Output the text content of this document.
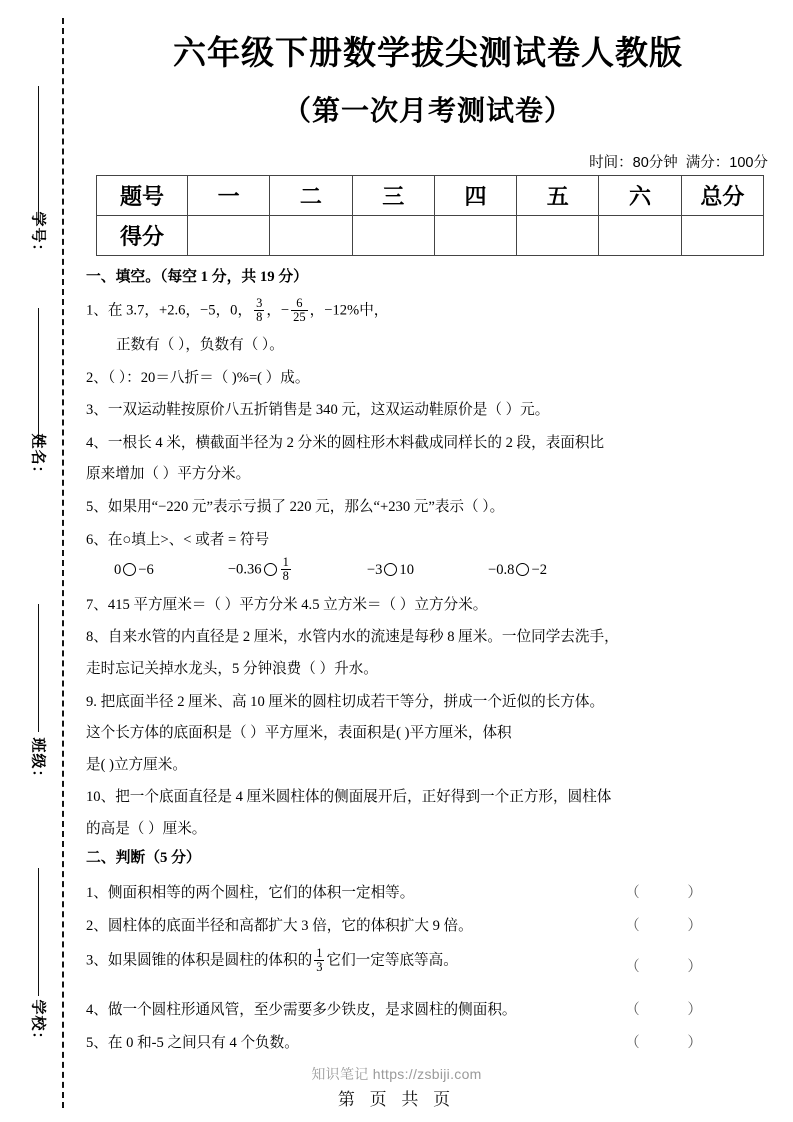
学号：
姓名：
班级：
学校：
六年级下册数学拔尖测试卷人教版
（第一次月考测试卷）
时间：80分钟 满分：100分
题号	一	二	三	四	五	六	总分
得分							
一、填空。（每空 1 分，共 19 分）
1、在 3.7，+2.6，−5，0， $\frac{3}{8}$ ，− $\frac{6}{25}$ ，−12%中，
正数有（ ），负数有（ ）。
2、（ ）：20＝八折＝（ )%=( ）成。
3、一双运动鞋按原价八五折销售是 340 元，这双运动鞋原价是（ ）元。
4、一根长 4 米，横截面半径为 2 分米的圆柱形木料截成同样长的 2 段，表面积比
原来增加（ ）平方分米。
5、如果用“−220 元”表示亏损了 220 元，那么“+230 元”表示（ ）。
6、在○填上>、< 或者 = 符号
0 −6	$-0.36 \frac{1}{8}$	−3 10	−0.8 −2
7、415 平方厘米＝（ ）平方分米 4.5 立方米＝（ ）立方分米。
8、自来水管的内直径是 2 厘米，水管内水的流速是每秒 8 厘米。一位同学去洗手，
走时忘记关掉水龙头，5 分钟浪费（ ）升水。
9. 把底面半径 2 厘米、高 10 厘米的圆柱切成若干等分，拼成一个近似的长方体。
这个长方体的底面积是（ ）平方厘米，表面积是( )平方厘米，体积
是( )立方厘米。
10、把一个底面直径是 4 厘米圆柱体的侧面展开后，正好得到一个正方形，圆柱体
的高是（ ）厘米。
二、判断（5 分）
1、侧面积相等的两个圆柱，它们的体积一定相等。	（ ）
2、圆柱体的底面半径和高都扩大 3 倍，它的体积扩大 9 倍。	（ ）
3、如果圆锥的体积是圆柱的体积的 $\frac{1}{3}$ 它们一定等底等高。	（ ）
4、做一个圆柱形通风管，至少需要多少铁皮，是求圆柱的侧面积。	（ ）
5、在 0 和-5 之间只有 4 个负数。	（ ）
知识笔记 https://zsbiji.com
第 页 共 页
